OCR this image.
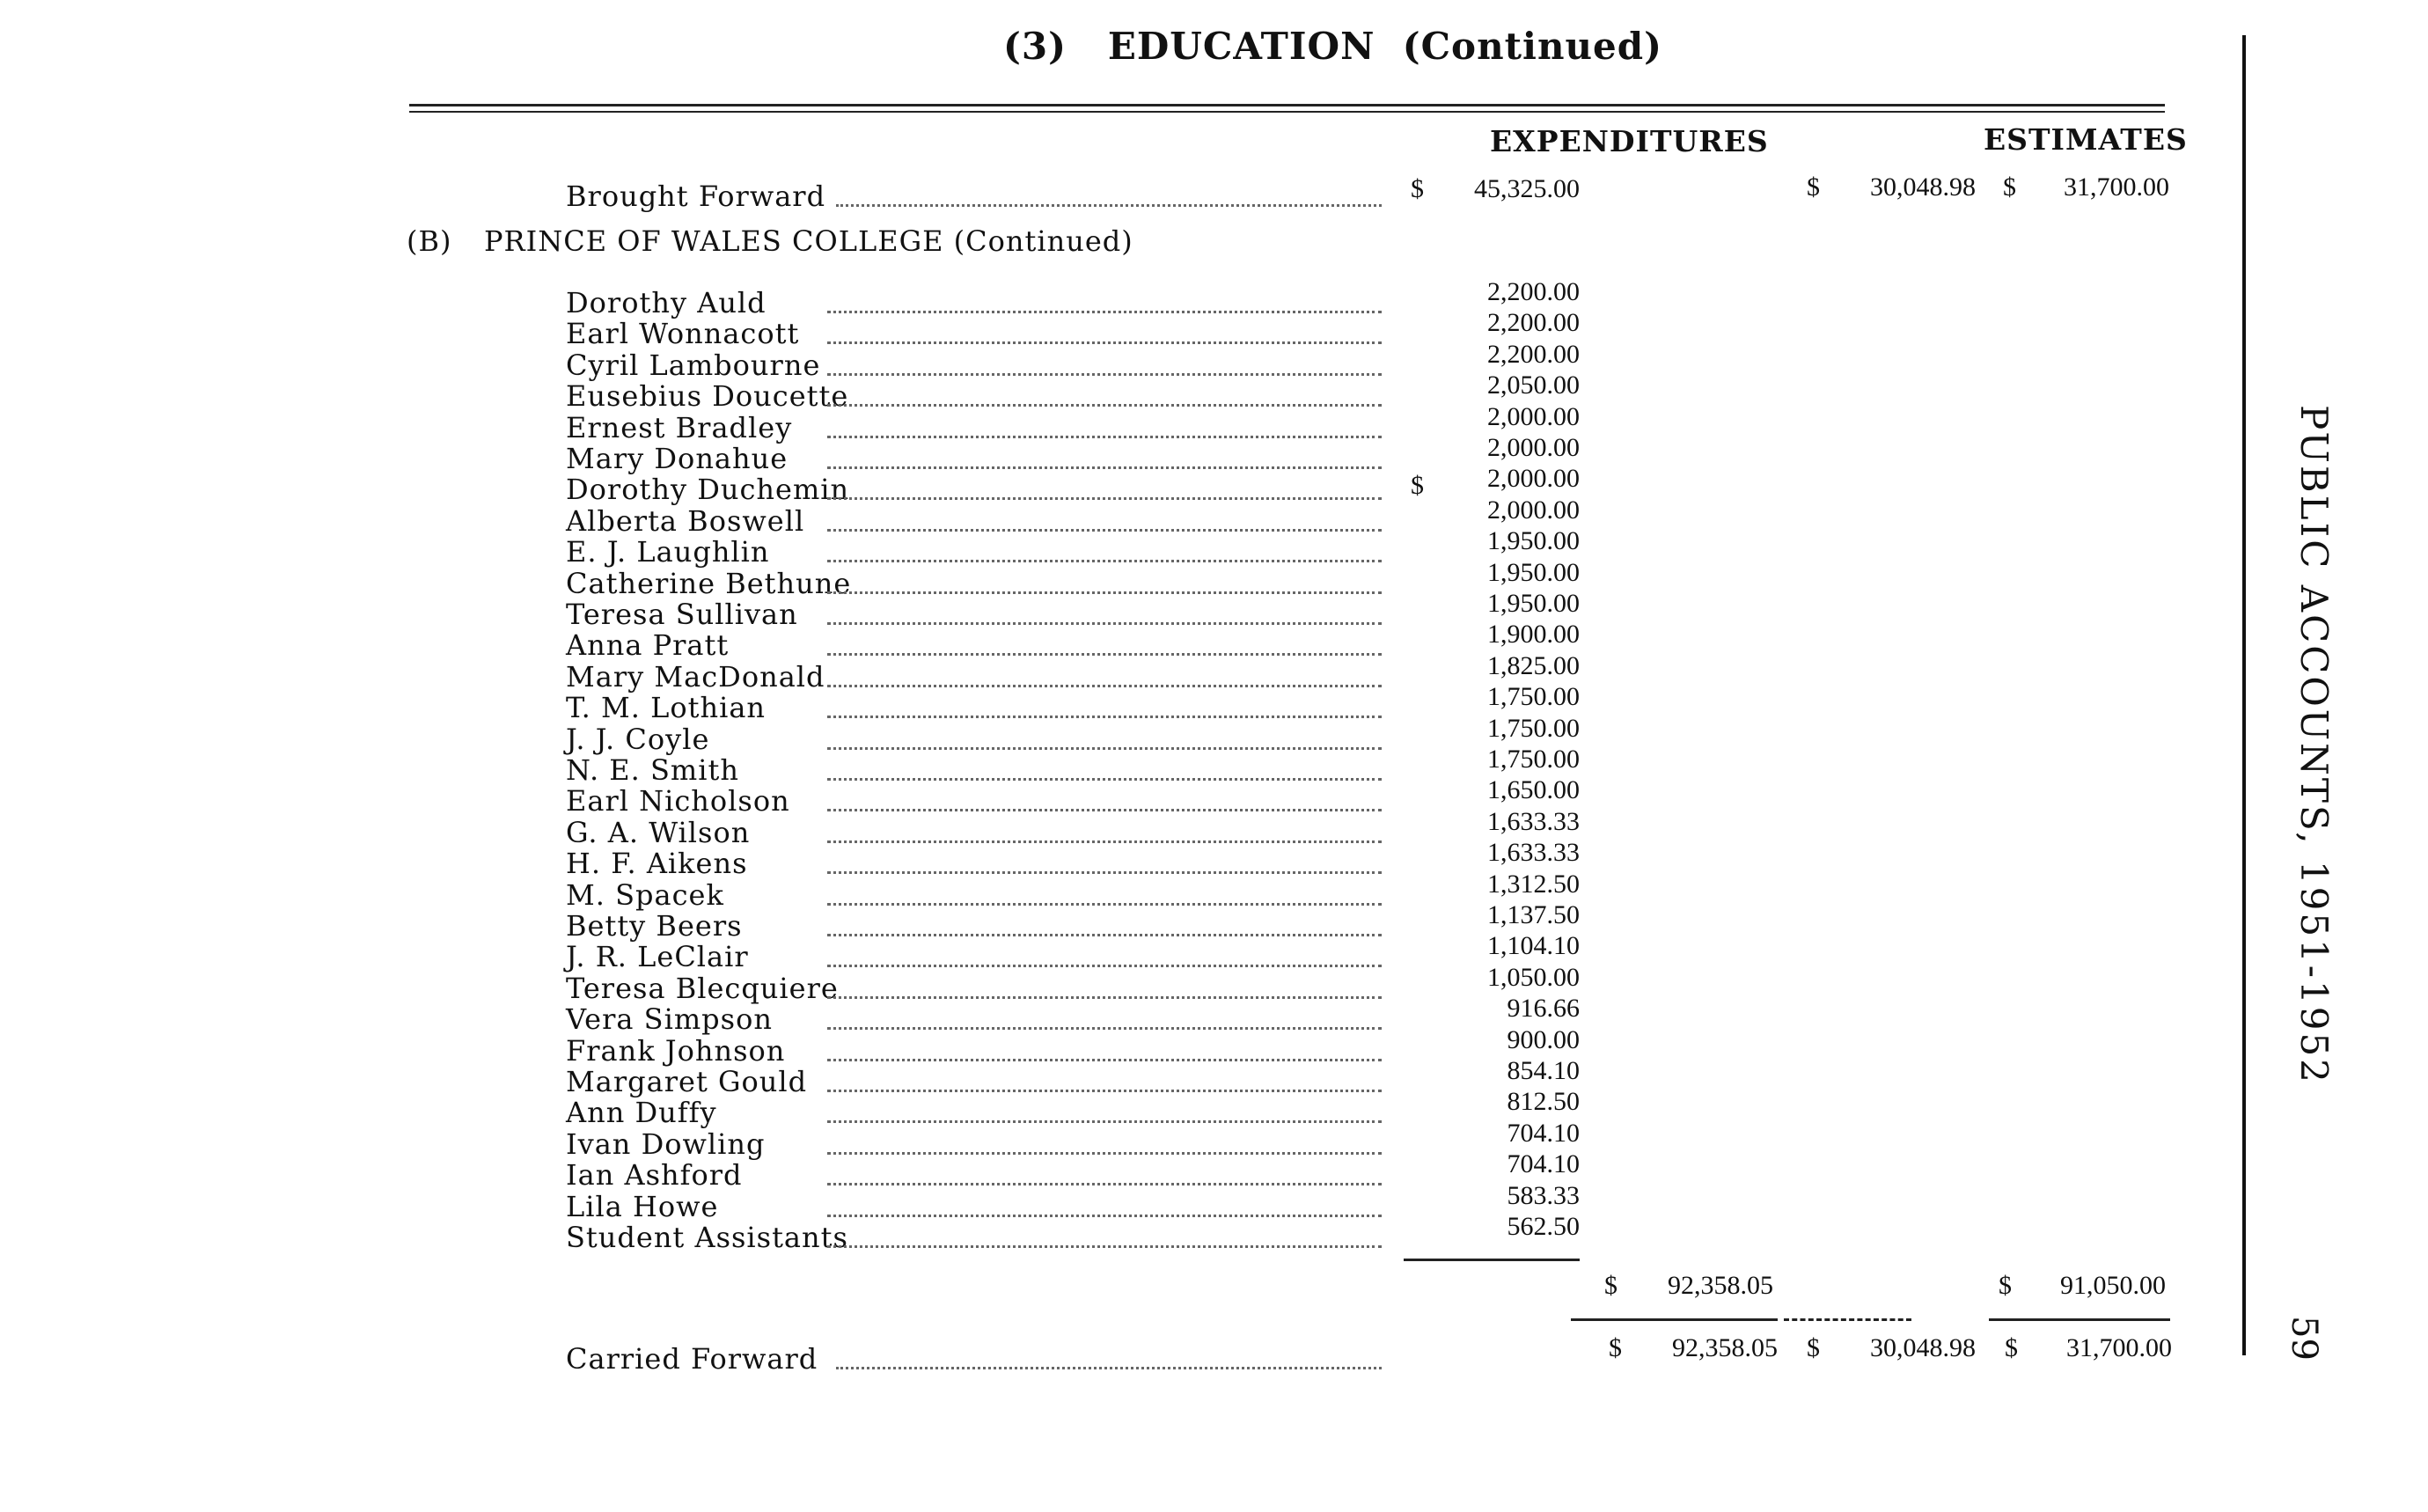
(3) EDUCATION (Continued)
EXPENDITURES	ESTIMATES
Brought Forward	$	45,325.00	$	30,048.98 $	31,700.00
(B) PRINCE OF WALES COLLEGE (Continued)
Dorothy Auld	2,200.00
Earl Wonnacott	2,200.00
Cyril Lambourne	2,200.00
Eusebius Doucette	2,050.00
Ernest Bradley	2,000.00
Mary Donahue	2,000.00
Dorothy Duchemin	$	2,000.00
Alberta Boswell	2,000.00
E. J. Laughlin	1,950.00
Catherine Bethune	1,950.00
Teresa Sullivan	1,950.00
Anna Pratt	1,900.00
Mary MacDonald	1,825.00
T. M. Lothian	1,750.00
J. J. Coyle	1,750.00
N. E. Smith	1,750.00
Earl Nicholson	1,650.00
G. A. Wilson	1,633.33
H. F. Aikens	1,633.33
M. Spacek	1,312.50
Betty Beers	1,137.50
J. R. LeClair	1,104.10
Teresa Blecquiere	1,050.00
Vera Simpson	916.66
Frank Johnson	900.00
Margaret Gould	854.10
Ann Duffy	812.50
Ivan Dowling	704.10
Ian Ashford	704.10
Lila Howe	583.33
Student Assistants	562.50
$	92,358.05	$	91,050.00
Carried Forward	$	92,358.05 $	30,048.98 $	31,700.00
PUBLIC ACCOUNTS, 1951-1952
59
